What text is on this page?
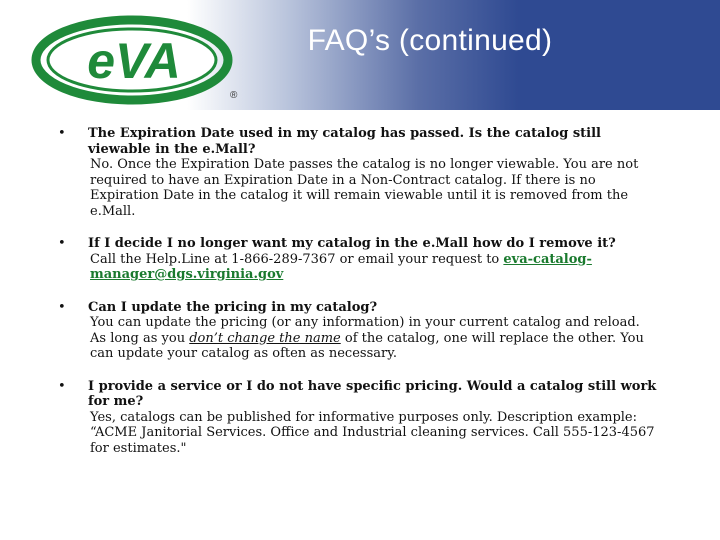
eVA
®
FAQ’s (continued)
• The Expiration Date used in my catalog has passed. Is the catalog still viewable in the e.Mall?
No. Once the Expiration Date passes the catalog is no longer viewable. You are not required to have an Expiration Date in a Non-Contract catalog. If there is no Expiration Date in the catalog it will remain viewable until it is removed from the e.Mall.
• If I decide I no longer want my catalog in the e.Mall how do I remove it?
Call the Help.Line at 1-866-289-7367 or email your request to eva-catalog-manager@dgs.virginia.gov
• Can I update the pricing in my catalog?
You can update the pricing (or any information) in your current catalog and reload. As long as you don’t change the name of the catalog, one will replace the other. You can update your catalog as often as necessary.
• I provide a service or I do not have specific pricing. Would a catalog still work for me?
Yes, catalogs can be published for informative purposes only. Description example:
“ACME Janitorial Services. Office and Industrial cleaning services. Call 555-123-4567 for estimates."
